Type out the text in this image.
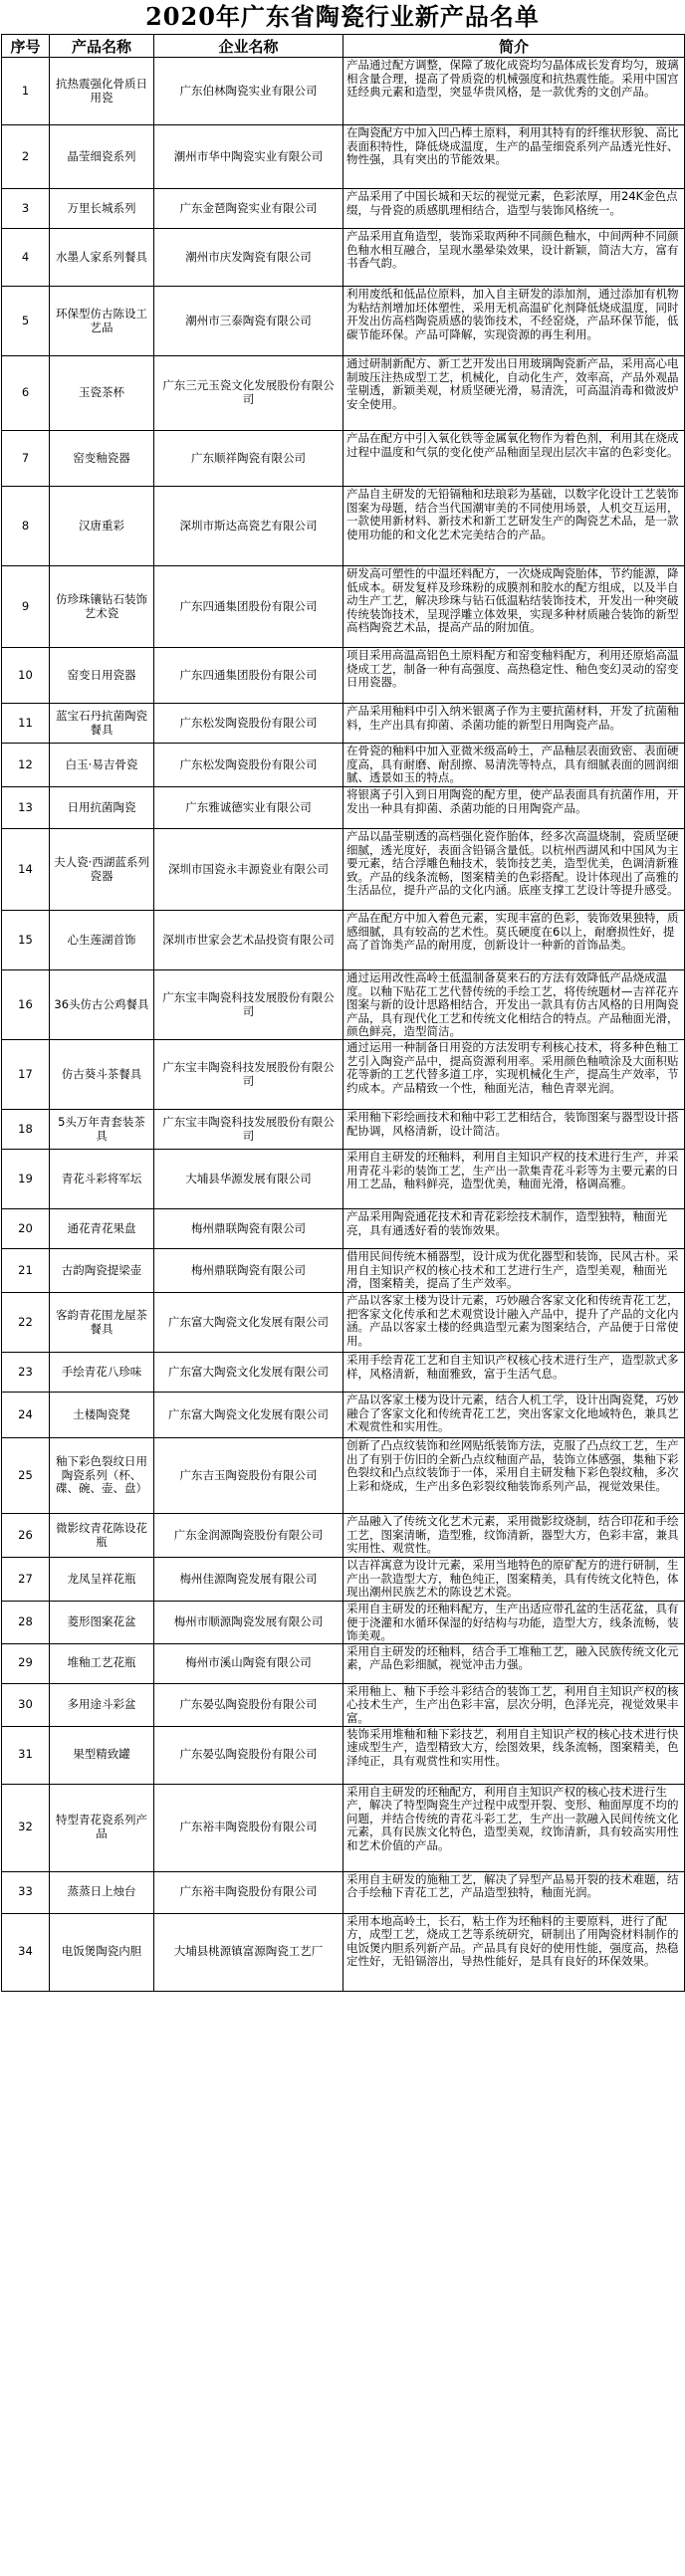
2020年广东省陶瓷行业新产品名单
序号	产品名称	企业名称	简介
1	抗热震强化骨质日用瓷	广东伯林陶瓷实业有限公司	产品通过配方调整，保障了玻化成瓷均匀晶体成长发育均匀，玻璃相含量合理，提高了骨质瓷的机械强度和抗热震性能。采用中国宫廷经典元素和造型，突显华贵风格，是一款优秀的文创产品。
2	晶莹细瓷系列	潮州市华中陶瓷实业有限公司	在陶瓷配方中加入凹凸棒土原料，利用其特有的纤维状形貌、高比表面积特性，降低烧成温度，生产的晶莹细瓷系列产品透光性好、物性强，具有突出的节能效果。
3	万里长城系列	广东金琶陶瓷实业有限公司	产品采用了中国长城和天坛的视觉元素，色彩浓厚，用24K金色点缀，与骨瓷的质感肌理相结合，造型与装饰风格统一。
4	水墨人家系列餐具	潮州市庆发陶瓷有限公司	产品采用直角造型，装饰采取两种不同颜色釉水，中间两种不同颜色釉水相互融合，呈现水墨晕染效果，设计新颖，简洁大方，富有书香气韵。
5	环保型仿古陈设工艺品	潮州市三泰陶瓷有限公司	利用废纸和低品位原料，加入自主研发的添加剂，通过添加有机物为粘结剂增加坯体塑性，采用无机高温矿化剂降低烧成温度，同时开发出仿高档陶瓷质感的装饰技术，不经窑烧，产品环保节能，低碳节能环保。产品可降解，实现资源的再生利用。
6	玉瓷茶杯	广东三元玉瓷文化发展股份有限公司	通过研制新配方、新工艺开发出日用玻璃陶瓷新产品，采用高心电制玻压注热成型工艺，机械化，自动化生产，效率高，产品外观晶莹剔透，新颖美观，材质坚硬光滑，易清洗，可高温消毒和微波炉安全使用。
7	窑变釉瓷器	广东顺祥陶瓷有限公司	产品在配方中引入氧化铁等金属氧化物作为着色剂，利用其在烧成过程中温度和气氛的变化使产品釉面呈现出层次丰富的色彩变化。
8	汉唐重彩	深圳市斯达高瓷艺有限公司	产品自主研发的无铅镉釉和珐琅彩为基础，以数字化设计工艺装饰图案为母题，结合当代国潮审美的不同使用场景，人机交互运用，一款使用新材料、新技术和新工艺研发生产的陶瓷艺术品，是一款使用功能的和文化艺术完美结合的产品。
9	仿珍珠镶钻石装饰艺术瓷	广东四通集团股份有限公司	研发高可塑性的中温坯料配方，一次烧成陶瓷胎体，节约能源，降低成本。研发复样及珍珠粉的成膜剂和胶水的配方组成，以及半自动生产工艺，解决珍珠与钻石低温粘结装饰技术，开发出一种突破传统装饰技术，呈现浮雕立体效果，实现多种材质融合装饰的新型高档陶瓷艺术品，提高产品的附加值。
10	窑变日用瓷器	广东四通集团股份有限公司	项目采用高温高铝色土原料配方和窑变釉料配方，利用还原焰高温烧成工艺，制备一种有高强度、高热稳定性、釉色变幻灵动的窑变日用瓷器。
11	蓝宝石丹抗菌陶瓷餐具	广东松发陶瓷股份有限公司	产品采用釉料中引入纳米银离子作为主要抗菌材料，开发了抗菌釉料，生产出具有抑菌、杀菌功能的新型日用陶瓷产品。
12	白玉·易吉骨瓷	广东松发陶瓷股份有限公司	在骨瓷的釉料中加入亚微米级高岭土，产品釉层表面致密、表面硬度高，具有耐磨、耐刮擦、易清洗等特点，具有细腻表面的圆润细腻、透景如玉的特点。
13	日用抗菌陶瓷	广东雅诚德实业有限公司	将银离子引入到日用陶瓷的配方里，使产品表面具有抗菌作用，开发出一种具有抑菌、杀菌功能的日用陶瓷产品。
14	夫人瓷·西湖蓝系列瓷器	深圳市国瓷永丰源瓷业有限公司	产品以晶莹剔透的高档强化瓷作胎体，经多次高温烧制，瓷质坚硬细腻，透光度好，表面含铅镉含量低。以杭州西湖风和中国风为主要元素，结合浮雕色釉技术，装饰技艺美，造型优美，色调清新雅致。产品的线条流畅，图案精美的色彩搭配。设计体现出了高雅的生活品位，提升产品的文化内涵。底座支撑工艺设计等提升感受。
15	心生莲湖首饰	深圳市世家会艺术品投资有限公司	产品在配方中加入着色元素，实现丰富的色彩，装饰效果独特，质感细腻，具有较高的艺术性。莫氏硬度在6以上，耐磨损性好，提高了首饰类产品的耐用度，创新设计一种新的首饰品类。
16	36头仿古公鸡餐具	广东宝丰陶瓷科技发展股份有限公司	通过运用改性高岭土低温制备莫来石的方法有效降低产品烧成温度。以釉下贴花工艺代替传统的手绘工艺，将传统题材—吉祥花卉图案与新的设计思路相结合，开发出一款具有仿古风格的日用陶瓷产品，具有现代化工艺和传统文化相结合的特点。产品釉面光滑，颜色鲜亮，造型简洁。
17	仿古葵斗茶餐具	广东宝丰陶瓷科技发展股份有限公司	通过运用一种制备日用瓷的方法发明专利核心技术，将多种色釉工艺引入陶瓷产品中，提高资源利用率。采用颜色釉喷涂及大面积贴花等新的工艺代替多道工序，实现机械化生产，提高生产效率，节约成本。产品精致一个性，釉面光洁，釉色青翠光润。
18	5头万年青套装茶具	广东宝丰陶瓷科技发展股份有限公司	采用釉下彩绘画技术和釉中彩工艺相结合，装饰图案与器型设计搭配协调，风格清新，设计简洁。
19	青花斗彩将军坛	大埔县华源发展有限公司	采用自主研发的坯釉料，利用自主知识产权的技术进行生产，并采用青花斗彩的装饰工艺，生产出一款集青花斗彩等为主要元素的日用工艺品，釉料鲜亮，造型优美，釉面光滑，格调高雅。
20	通花青花果盘	梅州鼎联陶瓷有限公司	产品采用陶瓷通花技术和青花彩绘技术制作，造型独特，釉面光亮，具有通透好看的装饰效果。
21	古韵陶瓷提梁壶	梅州鼎联陶瓷有限公司	借用民间传统木桶器型，设计成为优化器型和装饰，民风古朴。采用自主知识产权的核心技术和工艺进行生产，造型美观，釉面光滑，图案精美，提高了生产效率。
22	客韵青花围龙屋茶餐具	广东富大陶瓷文化发展有限公司	产品以客家土楼为设计元素，巧妙融合客家文化和传统青花工艺，把客家文化传承和艺术观赏设计融入产品中，提升了产品的文化内涵。产品以客家土楼的经典造型元素为图案结合，产品便于日常使用。
23	手绘青花八珍味	广东富大陶瓷文化发展有限公司	采用手绘青花工艺和自主知识产权核心技术进行生产，造型款式多样，风格清新，釉面雅致，富于生活气息。
24	土楼陶瓷凳	广东富大陶瓷文化发展有限公司	产品以客家土楼为设计元素，结合人机工学，设计出陶瓷凳，巧妙融合了客家文化和传统青花工艺，突出客家文化地域特色，兼具艺术观赏性和实用性。
25	釉下彩色裂纹日用陶瓷系列（杯、碟、碗、壶、盘）	广东吉玉陶瓷股份有限公司	创新了凸点纹装饰和丝网贴纸装饰方法，克服了凸点纹工艺，生产出了有别于仿旧的全新凸点纹釉面产品，装饰立体感强，集釉下彩色裂纹和凸点纹装饰于一体，采用自主研发釉下彩色裂纹釉，多次上彩和烧成，生产出多色彩裂纹釉装饰系列产品，视觉效果佳。
26	微影纹青花陈设花瓶	广东金润源陶瓷股份有限公司	产品融入了传统文化艺术元素，采用微影纹烧制，结合印花和手绘工艺，图案清晰，造型雅，纹饰清新，器型大方，色彩丰富，兼具实用性、观赏性。
27	龙凤呈祥花瓶	梅州佳源陶瓷发展有限公司	以吉祥寓意为设计元素，采用当地特色的原矿配方的进行研制，生产出一款造型大方，釉色纯正，图案精美，具有传统文化特色，体现出潮州民族艺术的陈设艺术瓷。
28	菱形图案花盆	梅州市顺源陶瓷发展有限公司	采用自主研发的坯釉料配方，生产出适应带孔盆的生活花盆，具有便于浇灌和水循环保湿的好结构与功能，造型大方，线条流畅，装饰美观。
29	堆釉工艺花瓶	梅州市溪山陶瓷有限公司	采用自主研发的坯釉料，结合手工堆釉工艺，融入民族传统文化元素，产品色彩细腻，视觉冲击力强。
30	多用途斗彩盆	广东晏弘陶瓷股份有限公司	采用釉上、釉下手绘斗彩结合的装饰工艺，利用自主知识产权的核心技术生产，生产出色彩丰富，层次分明，色泽光亮，视觉效果丰富。
31	果型精致罐	广东晏弘陶瓷股份有限公司	装饰采用堆釉和釉下彩技艺，利用自主知识产权的核心技术进行快速成型生产，造型精致大方，绘图效果，线条流畅，图案精美，色泽纯正，具有观赏性和实用性。
32	特型青花瓷系列产品	广东裕丰陶瓷股份有限公司	采用自主研发的坯釉配方，利用自主知识产权的核心技术进行生产，解决了特型陶瓷生产过程中成型开裂、变形、釉面厚度不均的问题，并结合传统的青花斗彩工艺，生产出一款融入民间传统文化元素，具有民族文化特色，造型美观，纹饰清新，具有较高实用性和艺术价值的产品。
33	蒸蒸日上烛台	广东裕丰陶瓷股份有限公司	采用自主研发的施釉工艺，解决了异型产品易开裂的技术难题，结合手绘釉下青花工艺，产品造型独特，釉面光润。
34	电饭煲陶瓷内胆	大埔县桃源镇富源陶瓷工艺厂	采用本地高岭土，长石，粘土作为坯釉料的主要原料，进行了配方，成型工艺，烧成工艺等系统研究，研制出了用陶瓷材料制作的电饭煲内胆系列新产品。产品具有良好的使用性能，强度高，热稳定性好，无铅镉溶出，导热性能好，是具有良好的环保效果。
